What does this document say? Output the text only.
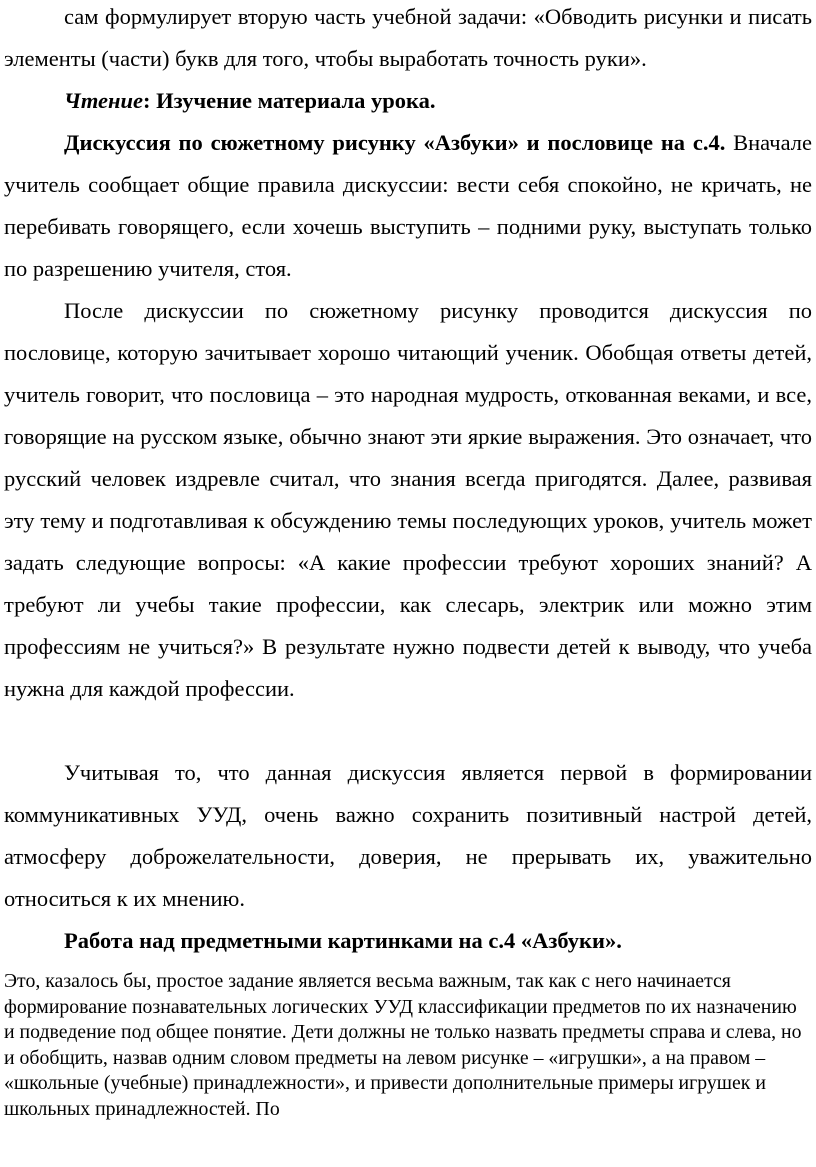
сам формулирует вторую часть учебной задачи: «Обводить рисунки и писать элементы (части) букв для того, чтобы выработать точность руки».

Чтение: Изучение материала урока.

Дискуссия по сюжетному рисунку «Азбуки» и пословице на с.4. Вначале учитель сообщает общие правила дискуссии: вести себя спокойно, не кричать, не перебивать говорящего, если хочешь выступить – подними руку, выступать только по разрешению учителя, стоя.

После дискуссии по сюжетному рисунку проводится дискуссия по пословице, которую зачитывает хорошо читающий ученик. Обобщая ответы детей, учитель говорит, что пословица – это народная мудрость, откованная веками, и все, говорящие на русском языке, обычно знают эти яркие выражения. Это означает, что русский человек издревле считал, что знания всегда пригодятся. Далее, развивая эту тему и подготавливая к обсуждению темы последующих уроков, учитель может задать следующие вопросы: «А какие профессии требуют хороших знаний? А требуют ли учебы такие профессии, как слесарь, электрик или можно этим профессиям не учиться?» В результате нужно подвести детей к выводу, что учеба нужна для каждой профессии.

Учитывая то, что данная дискуссия является первой в формировании коммуникативных УУД, очень важно сохранить позитивный настрой детей, атмосферу доброжелательности, доверия, не прерывать их, уважительно относиться к их мнению.

Работа над предметными картинками на с.4 «Азбуки».

Это, казалось бы, простое задание является весьма важным, так как с него начинается формирование познавательных логических УУД классификации предметов по их назначению и подведение под общее понятие. Дети должны не только назвать предметы справа и слева, но и обобщить, назвав одним словом предметы на левом рисунке – «игрушки», а на правом – «школьные (учебные) принадлежности», и привести дополнительные примеры игрушек и школьных принадлежностей. По
